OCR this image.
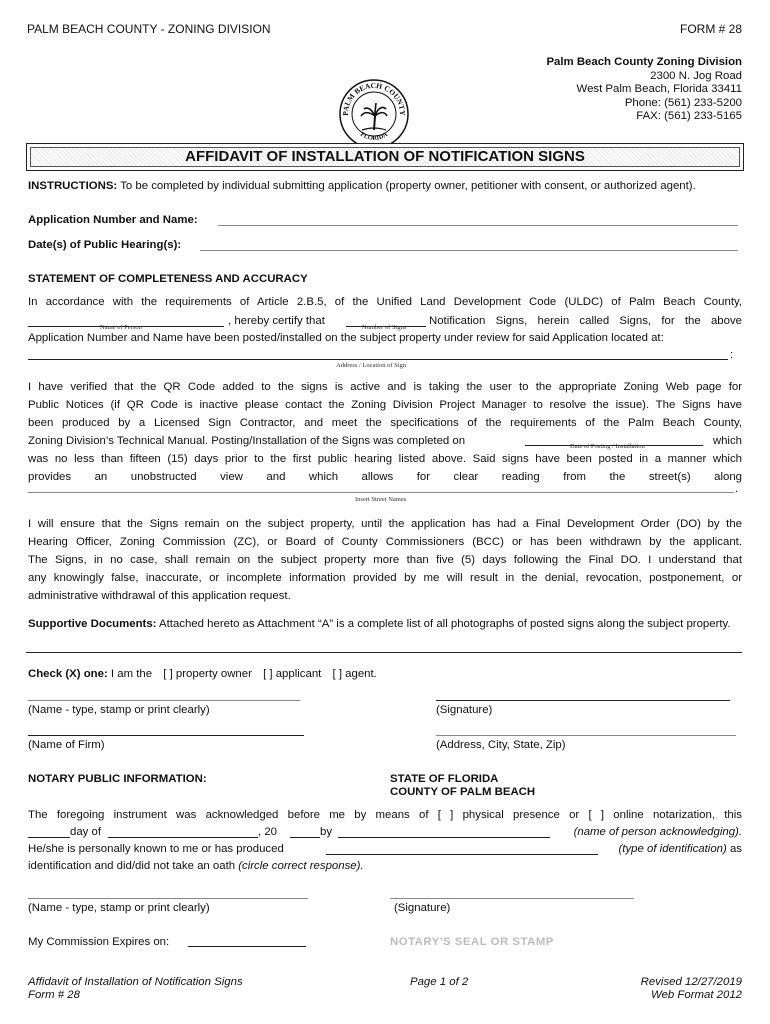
PALM BEACH COUNTY - ZONING DIVISION	FORM # 28
Palm Beach County Zoning Division
2300 N. Jog Road
West Palm Beach, Florida 33411
Phone: (561) 233-5200
FAX: (561) 233-5165
PALM BEACH COUNTY
FLORIDA
AFFIDAVIT OF INSTALLATION OF NOTIFICATION SIGNS
INSTRUCTIONS: To be completed by individual submitting application (property owner, petitioner with consent, or authorized agent).
Application Number and Name:
Date(s) of Public Hearing(s):
STATEMENT OF COMPLETENESS AND ACCURACY
In accordance with the requirements of Article 2.B.5, of the Unified Land Development Code (ULDC) of Palm Beach County,
, hereby certify that	Notification Signs, herein called Signs, for the above
Name of Person	Number of Signs
Application Number and Name have been posted/installed on the subject property under review for said Application located at:
:
Address / Location of Sign
I have verified that the QR Code added to the signs is active and is taking the user to the appropriate Zoning Web page for
Public Notices (if QR Code is inactive please contact the Zoning Division Project Manager to resolve the issue). The Signs have
been produced by a Licensed Sign Contractor, and meet the specifications of the requirements of the Palm Beach County,
Zoning Division’s Technical Manual. Posting/Installation of the Signs was completed on	which
was no less than fifteen (15) days prior to the first public hearing listed above. Said signs have been posted in a manner which
provides an unobstructed view and which allows for clear reading from the street(s) along
Date of Posting / Installation
.
Insert Street Names
I will ensure that the Signs remain on the subject property, until the application has had a Final Development Order (DO) by the
Hearing Officer, Zoning Commission (ZC), or Board of County Commissioners (BCC) or has been withdrawn by the applicant.
The Signs, in no case, shall remain on the subject property more than five (5) days following the Final DO. I understand that
any knowingly false, inaccurate, or incomplete information provided by me will result in the denial, revocation, postponement, or
administrative withdrawal of this application request.
Supportive Documents: Attached hereto as Attachment “A” is a complete list of all photographs of posted signs along the subject property.
Check (X) one: I am the [ ] property owner [ ] applicant [ ] agent.
(Name - type, stamp or print clearly)	(Signature)
(Name of Firm)	(Address, City, State, Zip)
NOTARY PUBLIC INFORMATION:	STATE OF FLORIDA
COUNTY OF PALM BEACH
The foregoing instrument was acknowledged before me by means of [ ] physical presence or [ ] online notarization, this
day of	, 20	by	(name of person acknowledging).
He/she is personally known to me or has produced	(type of identification) as
identification and did/did not take an oath (circle correct response).
(Name - type, stamp or print clearly)	(Signature)
My Commission Expires on:	NOTARY'S SEAL OR STAMP
Affidavit of Installation of Notification Signs
Form # 28
Page 1 of 2	Revised 12/27/2019
Web Format 2012
